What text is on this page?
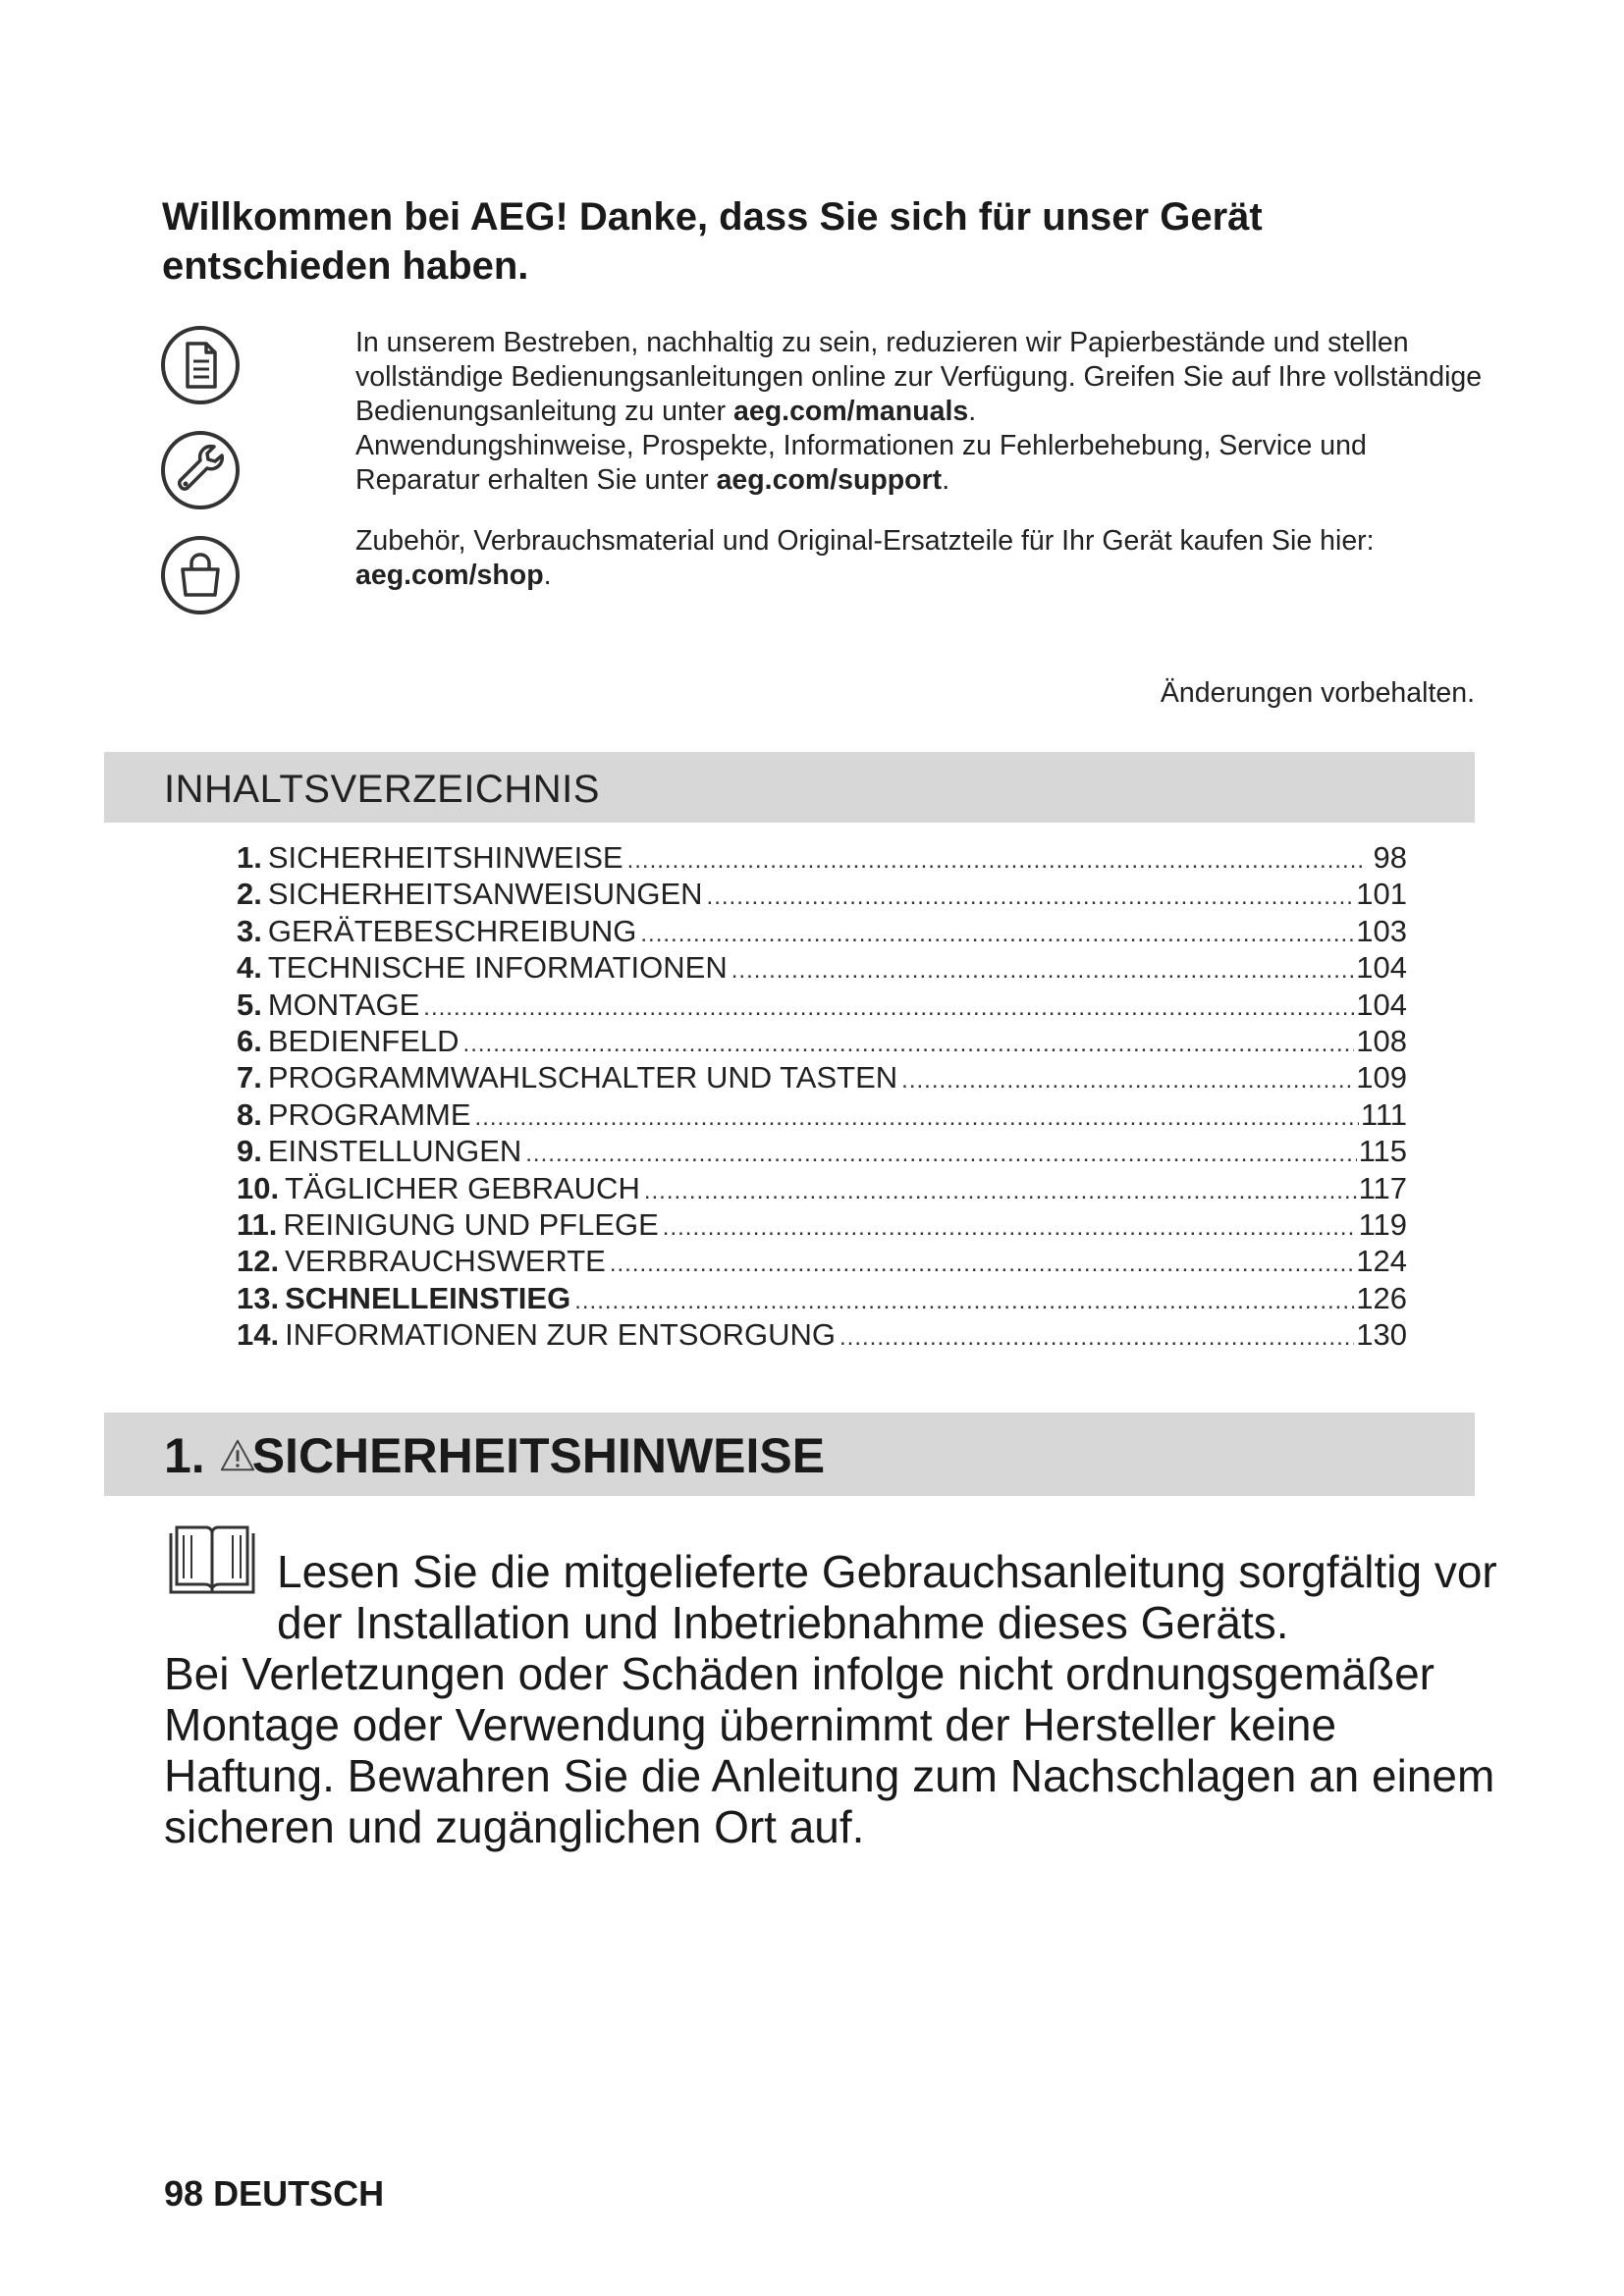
Willkommen bei AEG! Danke, dass Sie sich für unser Gerät entschieden haben.
In unserem Bestreben, nachhaltig zu sein, reduzieren wir Papierbestände und stellen vollständige Bedienungsanleitungen online zur Verfügung. Greifen Sie auf Ihre vollständige Bedienungsanleitung zu unter aeg.com/manuals.
Anwendungshinweise, Prospekte, Informationen zu Fehlerbehebung, Service und Reparatur erhalten Sie unter aeg.com/support.
Zubehör, Verbrauchsmaterial und Original-Ersatzteile für Ihr Gerät kaufen Sie hier:
aeg.com/shop.
Änderungen vorbehalten.
INHALTSVERZEICHNIS
1. SICHERHEITSHINWEISE .....	98
2. SICHERHEITSANWEISUNGEN .....	101
3. GERÄTEBESCHREIBUNG .....	103
4. TECHNISCHE INFORMATIONEN .....	104
5. MONTAGE .....	104
6. BEDIENFELD .....	108
7. PROGRAMMWAHLSCHALTER UND TASTEN .....	109
8. PROGRAMME .....	111
9. EINSTELLUNGEN .....	115
10. TÄGLICHER GEBRAUCH .....	117
11. REINIGUNG UND PFLEGE .....	119
12. VERBRAUCHSWERTE .....	124
13. SCHNELLEINSTIEG .....	126
14. INFORMATIONEN ZUR ENTSORGUNG .....	130
1. SICHERHEITSHINWEISE
Lesen Sie die mitgelieferte Gebrauchsanleitung sorgfältig vor der Installation und Inbetriebnahme dieses Geräts.
Bei Verletzungen oder Schäden infolge nicht ordnungsgemäßer Montage oder Verwendung übernimmt der Hersteller keine Haftung. Bewahren Sie die Anleitung zum Nachschlagen an einem sicheren und zugänglichen Ort auf.
98 DEUTSCH
